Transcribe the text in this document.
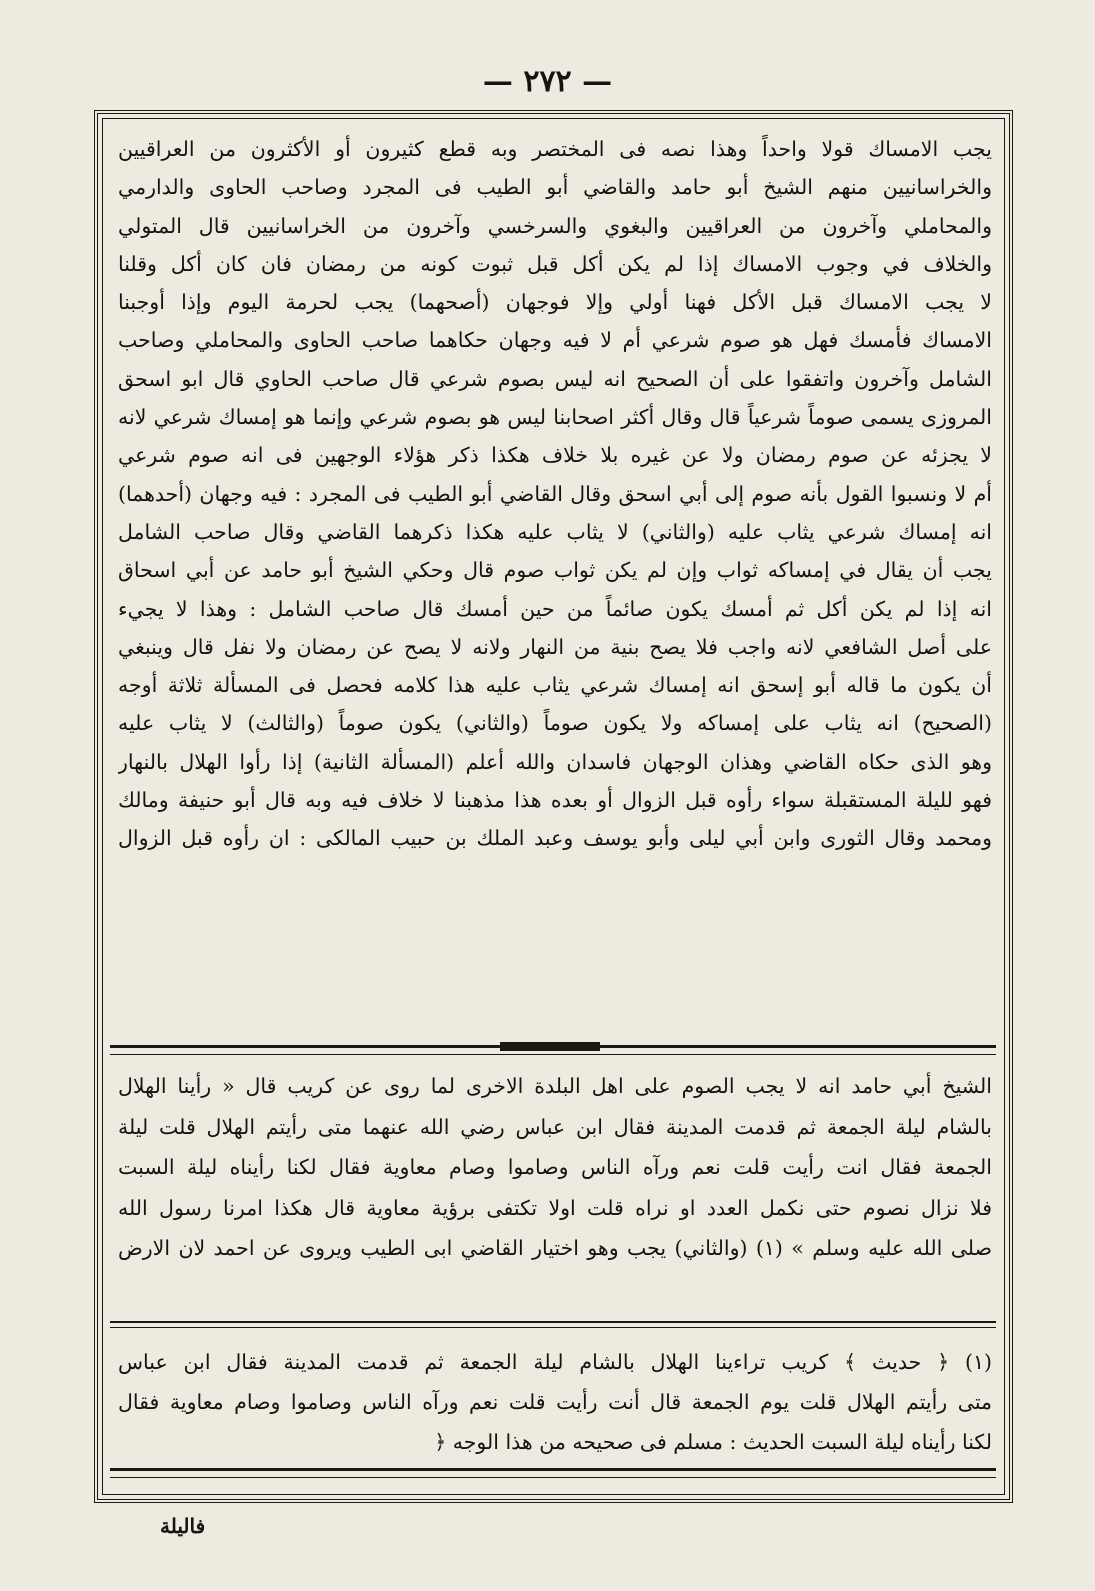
— ٢٧٢ —
يجب الامساك قولا واحداً وهذا نصه فى المختصر وبه قطع كثيرون أو الأكثرون من العراقيين
والخراسانيين منهم الشيخ أبو حامد والقاضي أبو الطيب فى المجرد وصاحب الحاوى والدارمي
والمحاملي وآخرون من العراقيين والبغوي والسرخسي وآخرون من الخراسانيين قال المتولي
والخلاف في وجوب الامساك إذا لم يكن أكل قبل ثبوت كونه من رمضان فان كان أكل وقلنا
لا يجب الامساك قبل الأكل فهنا أولي وإلا فوجهان (أصحهما) يجب لحرمة اليوم وإذا أوجبنا
الامساك فأمسك فهل هو صوم شرعي أم لا فيه وجهان حكاهما صاحب الحاوى والمحاملي وصاحب
الشامل وآخرون واتفقوا على أن الصحيح انه ليس بصوم شرعي قال صاحب الحاوي قال ابو اسحق
المروزى يسمى صوماً شرعياً قال وقال أكثر اصحابنا ليس هو بصوم شرعي وإنما هو إمساك شرعي لانه
لا يجزئه عن صوم رمضان ولا عن غيره بلا خلاف هكذا ذكر هؤلاء الوجهين فى انه صوم شرعي
أم لا ونسبوا القول بأنه صوم إلى أبي اسحق وقال القاضي أبو الطيب فى المجرد : فيه وجهان (أحدهما)
انه إمساك شرعي يثاب عليه (والثاني) لا يثاب عليه هكذا ذكرهما القاضي وقال صاحب الشامل
يجب أن يقال في إمساكه ثواب وإن لم يكن ثواب صوم قال وحكي الشيخ أبو حامد عن أبي اسحاق
انه إذا لم يكن أكل ثم أمسك يكون صائماً من حين أمسك قال صاحب الشامل : وهذا لا يجيء
على أصل الشافعي لانه واجب فلا يصح بنية من النهار ولانه لا يصح عن رمضان ولا نفل قال وينبغي
أن يكون ما قاله أبو إسحق انه إمساك شرعي يثاب عليه هذا كلامه فحصل فى المسألة ثلاثة أوجه
(الصحيح) انه يثاب على إمساكه ولا يكون صوماً (والثاني) يكون صوماً (والثالث) لا يثاب عليه
وهو الذى حكاه القاضي وهذان الوجهان فاسدان والله أعلم (المسألة الثانية) إذا رأوا الهلال بالنهار
فهو لليلة المستقبلة سواء رأوه قبل الزوال أو بعده هذا مذهبنا لا خلاف فيه وبه قال أبو حنيفة ومالك
ومحمد وقال الثورى وابن أبي ليلى وأبو يوسف وعبد الملك بن حبيب المالكى : ان رأوه قبل الزوال
الشيخ أبي حامد انه لا يجب الصوم على اهل البلدة الاخرى لما روى عن كريب قال « رأينا الهلال
بالشام ليلة الجمعة ثم قدمت المدينة فقال ابن عباس رضي الله عنهما متى رأيتم الهلال قلت ليلة
الجمعة فقال انت رأيت قلت نعم ورآه الناس وصاموا وصام معاوية فقال لكنا رأيناه ليلة السبت
فلا نزال نصوم حتى نكمل العدد او نراه قلت اولا تكتفى برؤية معاوية قال هكذا امرنا رسول الله
صلى الله عليه وسلم » (١) (والثاني) يجب وهو اختيار القاضي ابى الطيب ويروى عن احمد لان الارض
(١) ﴿ حديث ﴾ كريب تراءينا الهلال بالشام ليلة الجمعة ثم قدمت المدينة فقال ابن عباس
متى رأيتم الهلال قلت يوم الجمعة قال أنت رأيت قلت نعم ورآه الناس وصاموا وصام معاوية فقال
لكنا رأيناه ليلة السبت الحديث : مسلم فى صحيحه من هذا الوجه ﴿
فاليلة
